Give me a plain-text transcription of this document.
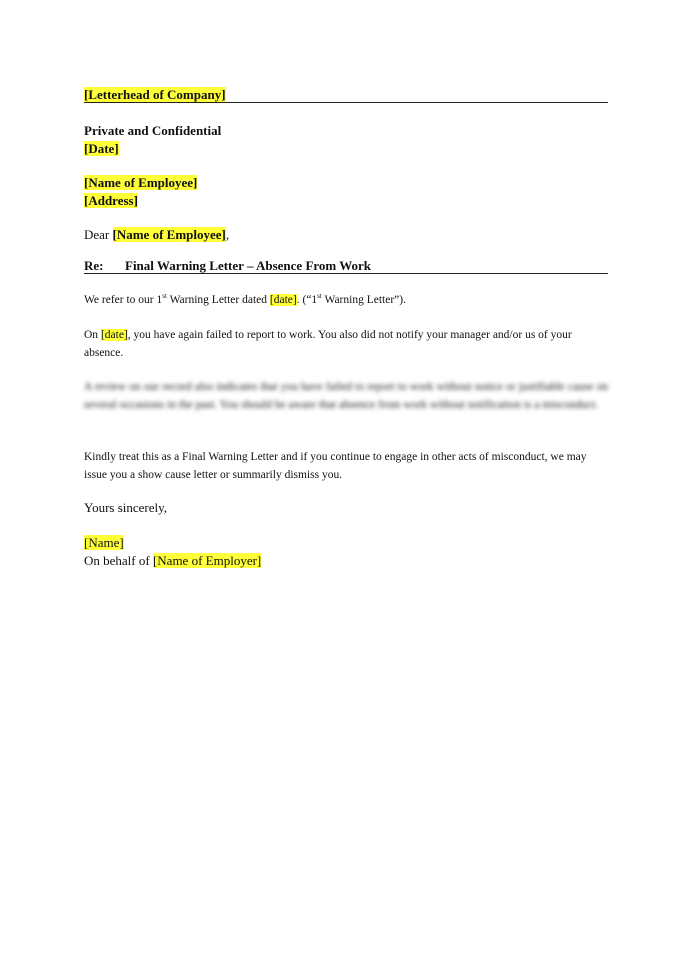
[Letterhead of Company]
Private and Confidential
[Date]
[Name of Employee]
[Address]
Dear [Name of Employee],
Re: Final Warning Letter – Absence From Work
We refer to our 1st Warning Letter dated [date]. (“1st Warning Letter”).
On [date], you have again failed to report to work. You also did not notify your manager and/or us of your absence.
A review on our record also indicates that you have failed to report to work without notice or justifiable cause on several occasions in the past. You should be aware that absence from work without notification is a misconduct.
Kindly treat this as a Final Warning Letter and if you continue to engage in other acts of misconduct, we may issue you a show cause letter or summarily dismiss you.
Yours sincerely,
[Name]
On behalf of [Name of Employer]
